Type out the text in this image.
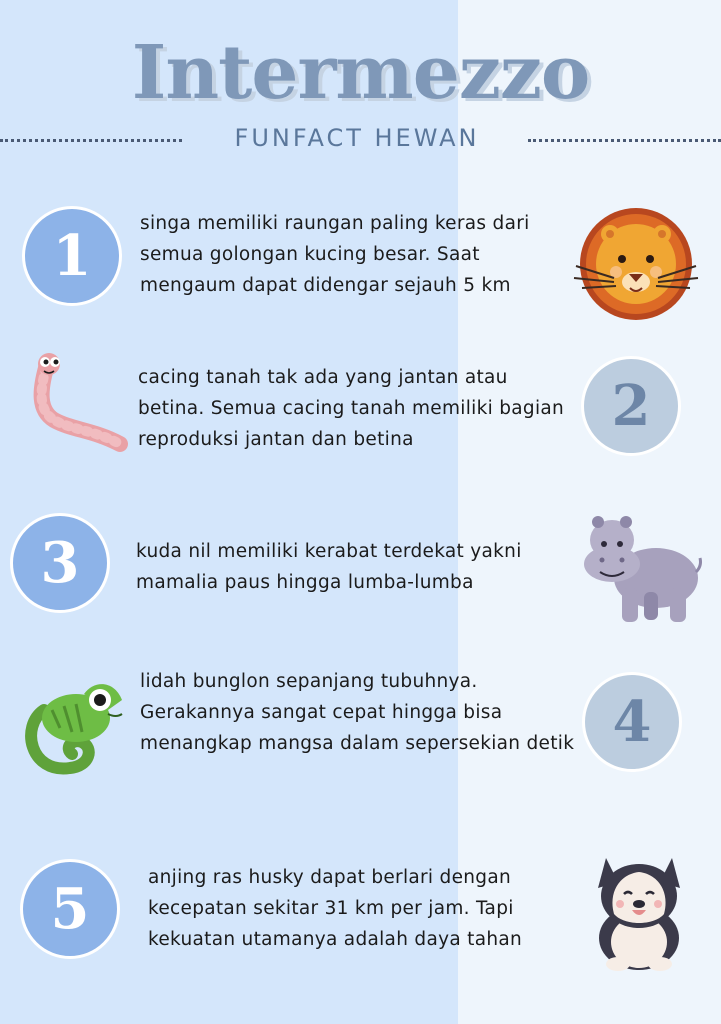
Intermezzo
FUNFACT HEWAN
1	singa memiliki raungan paling keras dari semua golongan kucing besar. Saat mengaum dapat didengar sejauh 5 km
cacing tanah tak ada yang jantan atau betina. Semua cacing tanah memiliki bagian reproduksi jantan dan betina
2
3	kuda nil memiliki kerabat terdekat yakni mamalia paus hingga lumba-lumba
lidah bunglon sepanjang tubuhnya. Gerakannya sangat cepat hingga bisa menangkap mangsa dalam sepersekian detik 4
5	anjing ras husky dapat berlari dengan kecepatan sekitar 31 km per jam. Tapi kekuatan utamanya adalah daya tahan
